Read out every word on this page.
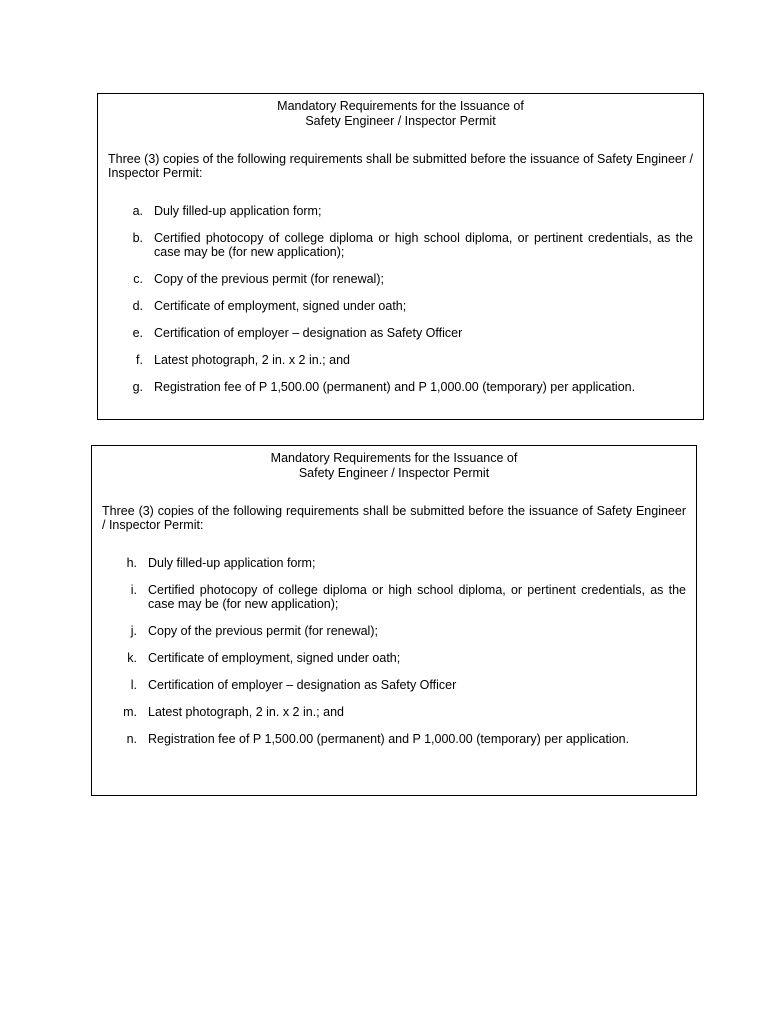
Mandatory Requirements for the Issuance of
Safety Engineer / Inspector Permit

Three (3) copies of the following requirements shall be submitted before the issuance of Safety Engineer / Inspector Permit:

a. Duly filled-up application form;
b. Certified photocopy of college diploma or high school diploma, or pertinent credentials, as the case may be (for new application);
c. Copy of the previous permit (for renewal);
d. Certificate of employment, signed under oath;
e. Certification of employer – designation as Safety Officer
f. Latest photograph, 2 in. x 2 in.; and
g. Registration fee of P 1,500.00 (permanent) and P 1,000.00 (temporary) per application.
Mandatory Requirements for the Issuance of
Safety Engineer / Inspector Permit

Three (3) copies of the following requirements shall be submitted before the issuance of Safety Engineer / Inspector Permit:

h. Duly filled-up application form;
i. Certified photocopy of college diploma or high school diploma, or pertinent credentials, as the case may be (for new application);
j. Copy of the previous permit (for renewal);
k. Certificate of employment, signed under oath;
l. Certification of employer – designation as Safety Officer
m. Latest photograph, 2 in. x 2 in.; and
n. Registration fee of P 1,500.00 (permanent) and P 1,000.00 (temporary) per application.
